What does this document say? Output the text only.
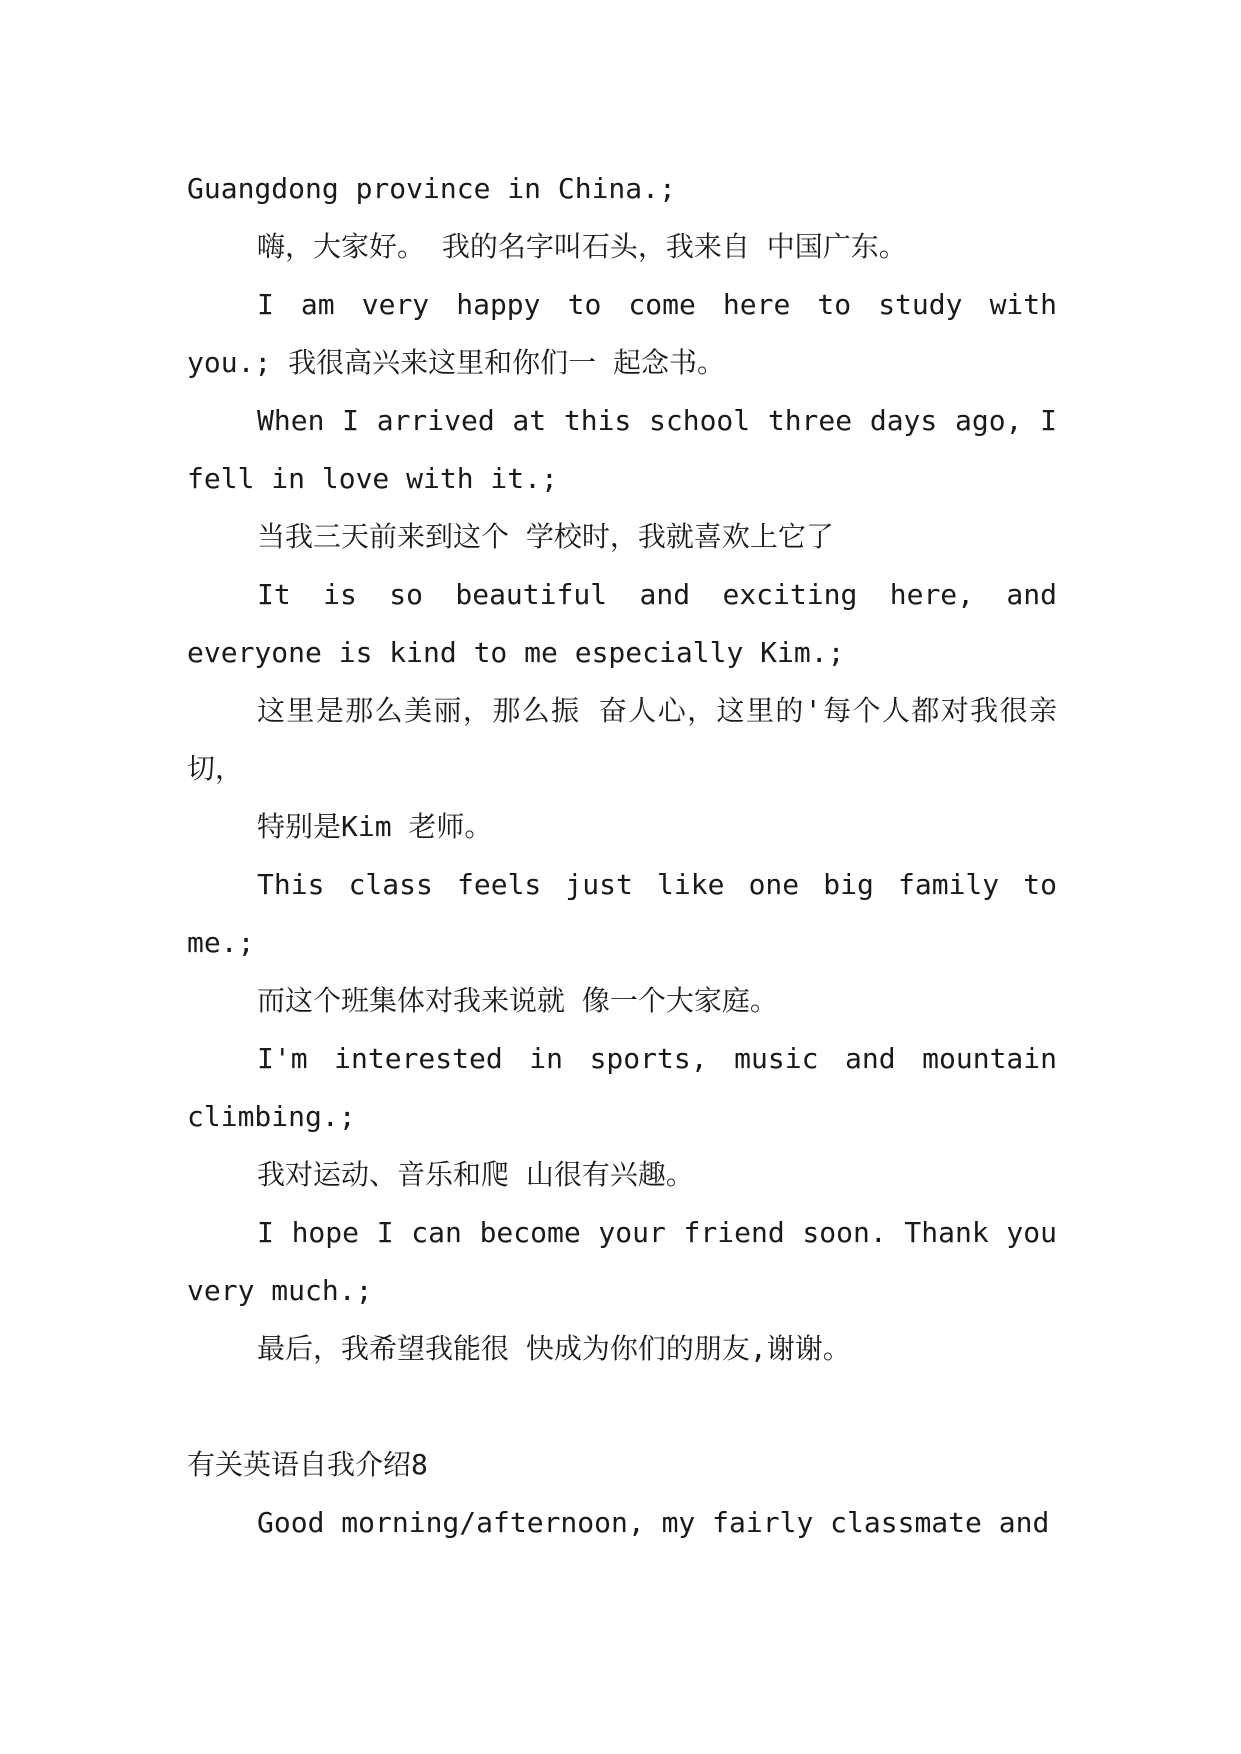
Guangdong province in China.;

嗨，大家好。 我的名字叫石头，我来自 中国广东。

I am very happy to come here to study with you.; 我很高兴来这里和你们一 起念书。

When I arrived at this school three days ago, I fell in love with it.;

当我三天前来到这个 学校时，我就喜欢上它了

It is so beautiful and exciting here, and everyone is kind to me especially Kim.;

这里是那么美丽，那么振 奋人心，这里的'每个人都对我很亲切，

特别是Kim 老师。

This class feels just like one big family to me.;

而这个班集体对我来说就 像一个大家庭。

I'm interested in sports, music and mountain climbing.;

我对运动、音乐和爬 山很有兴趣。

I hope I can become your friend soon. Thank you very much.;

最后，我希望我能很 快成为你们的朋友,谢谢。

有关英语自我介绍8

Good morning/afternoon, my fairly classmate and
